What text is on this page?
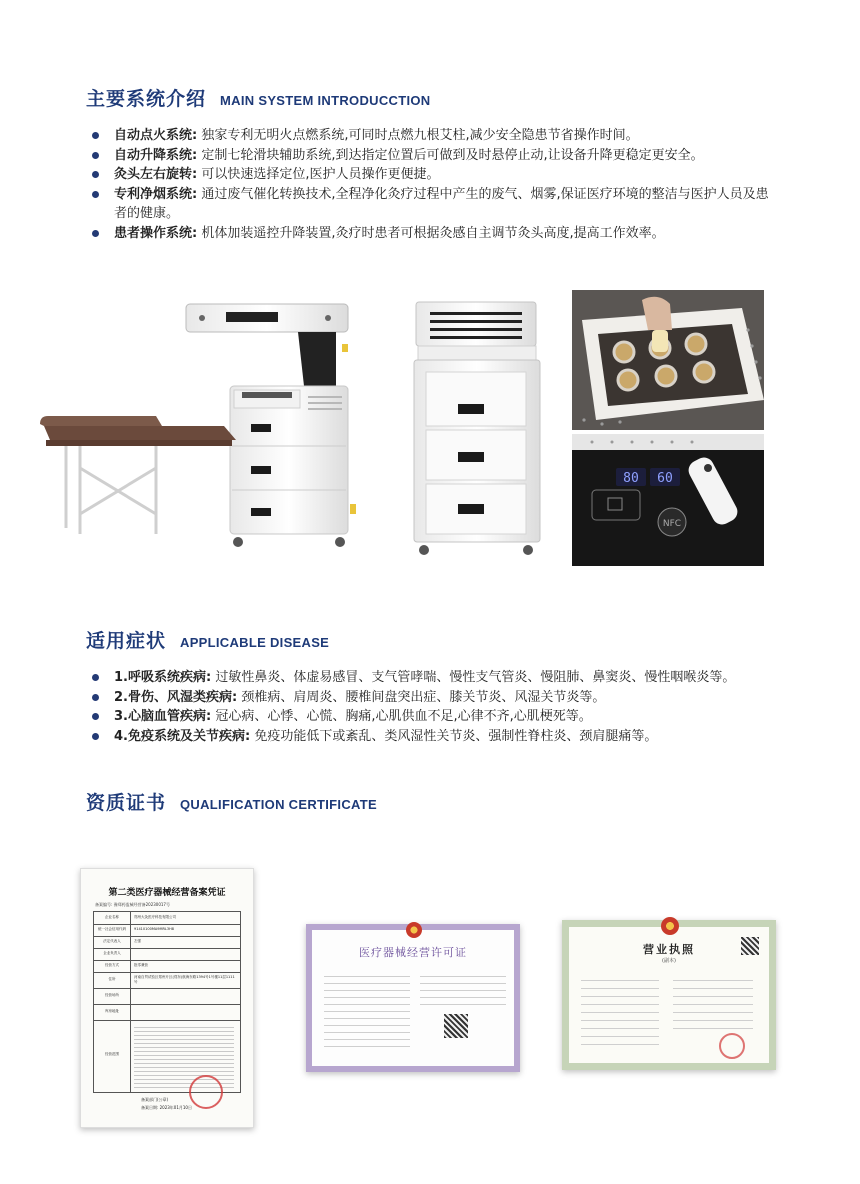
主要系统介绍 MAIN SYSTEM INTRODUCCTION
自动点火系统: 独家专利无明火点燃系统,可同时点燃九根艾柱,减少安全隐患节省操作时间。
自动升降系统: 定制七轮滑块辅助系统,到达指定位置后可做到及时悬停止动,让设备升降更稳定更安全。
灸头左右旋转: 可以快速选择定位,医护人员操作更便捷。
专利净烟系统: 通过废气催化转换技术,全程净化灸疗过程中产生的废气、烟雾,保证医疗环境的整洁与医护人员及患者的健康。
患者操作系统: 机体加装遥控升降装置,灸疗时患者可根据灸感自主调节灸头高度,提高工作效率。
80 60
NFC
适用症状 APPLICABLE DISEASE
1.呼吸系统疾病: 过敏性鼻炎、体虚易感冒、支气管哮喘、慢性支气管炎、慢阻肺、鼻窦炎、慢性咽喉炎等。
2.骨伤、风湿类疾病: 颈椎病、肩周炎、腰椎间盘突出症、膝关节炎、风湿关节炎等。
3.心脑血管疾病: 冠心病、心悸、心慌、胸痛,心肌供血不足,心律不齐,心肌梗死等。
4.免疫系统及关节疾病: 免疫功能低下或紊乱、类风湿性关节炎、强制性脊柱炎、颈肩腿痛等。
资质证书 QUALIFICATION CERTIFICATE
第二类医疗器械经营备案凭证
备案编号: 豫郑药监械经营备20230017号
企业名称
统一社会信用代码
法定代表人
企业负责人
经营方式
住所
经营场所
库房地址
经营范围
郑州大灸医疗科技有限公司
91410100MA9MRL3H8
左强
批零兼营
河南自贸试验区郑州片区(郑东)航海东路1394号1号楼11层1111号
备案部门(公章)
备案日期: 2023年01月10日
医疗器械经营许可证	营业执照
(副本)
